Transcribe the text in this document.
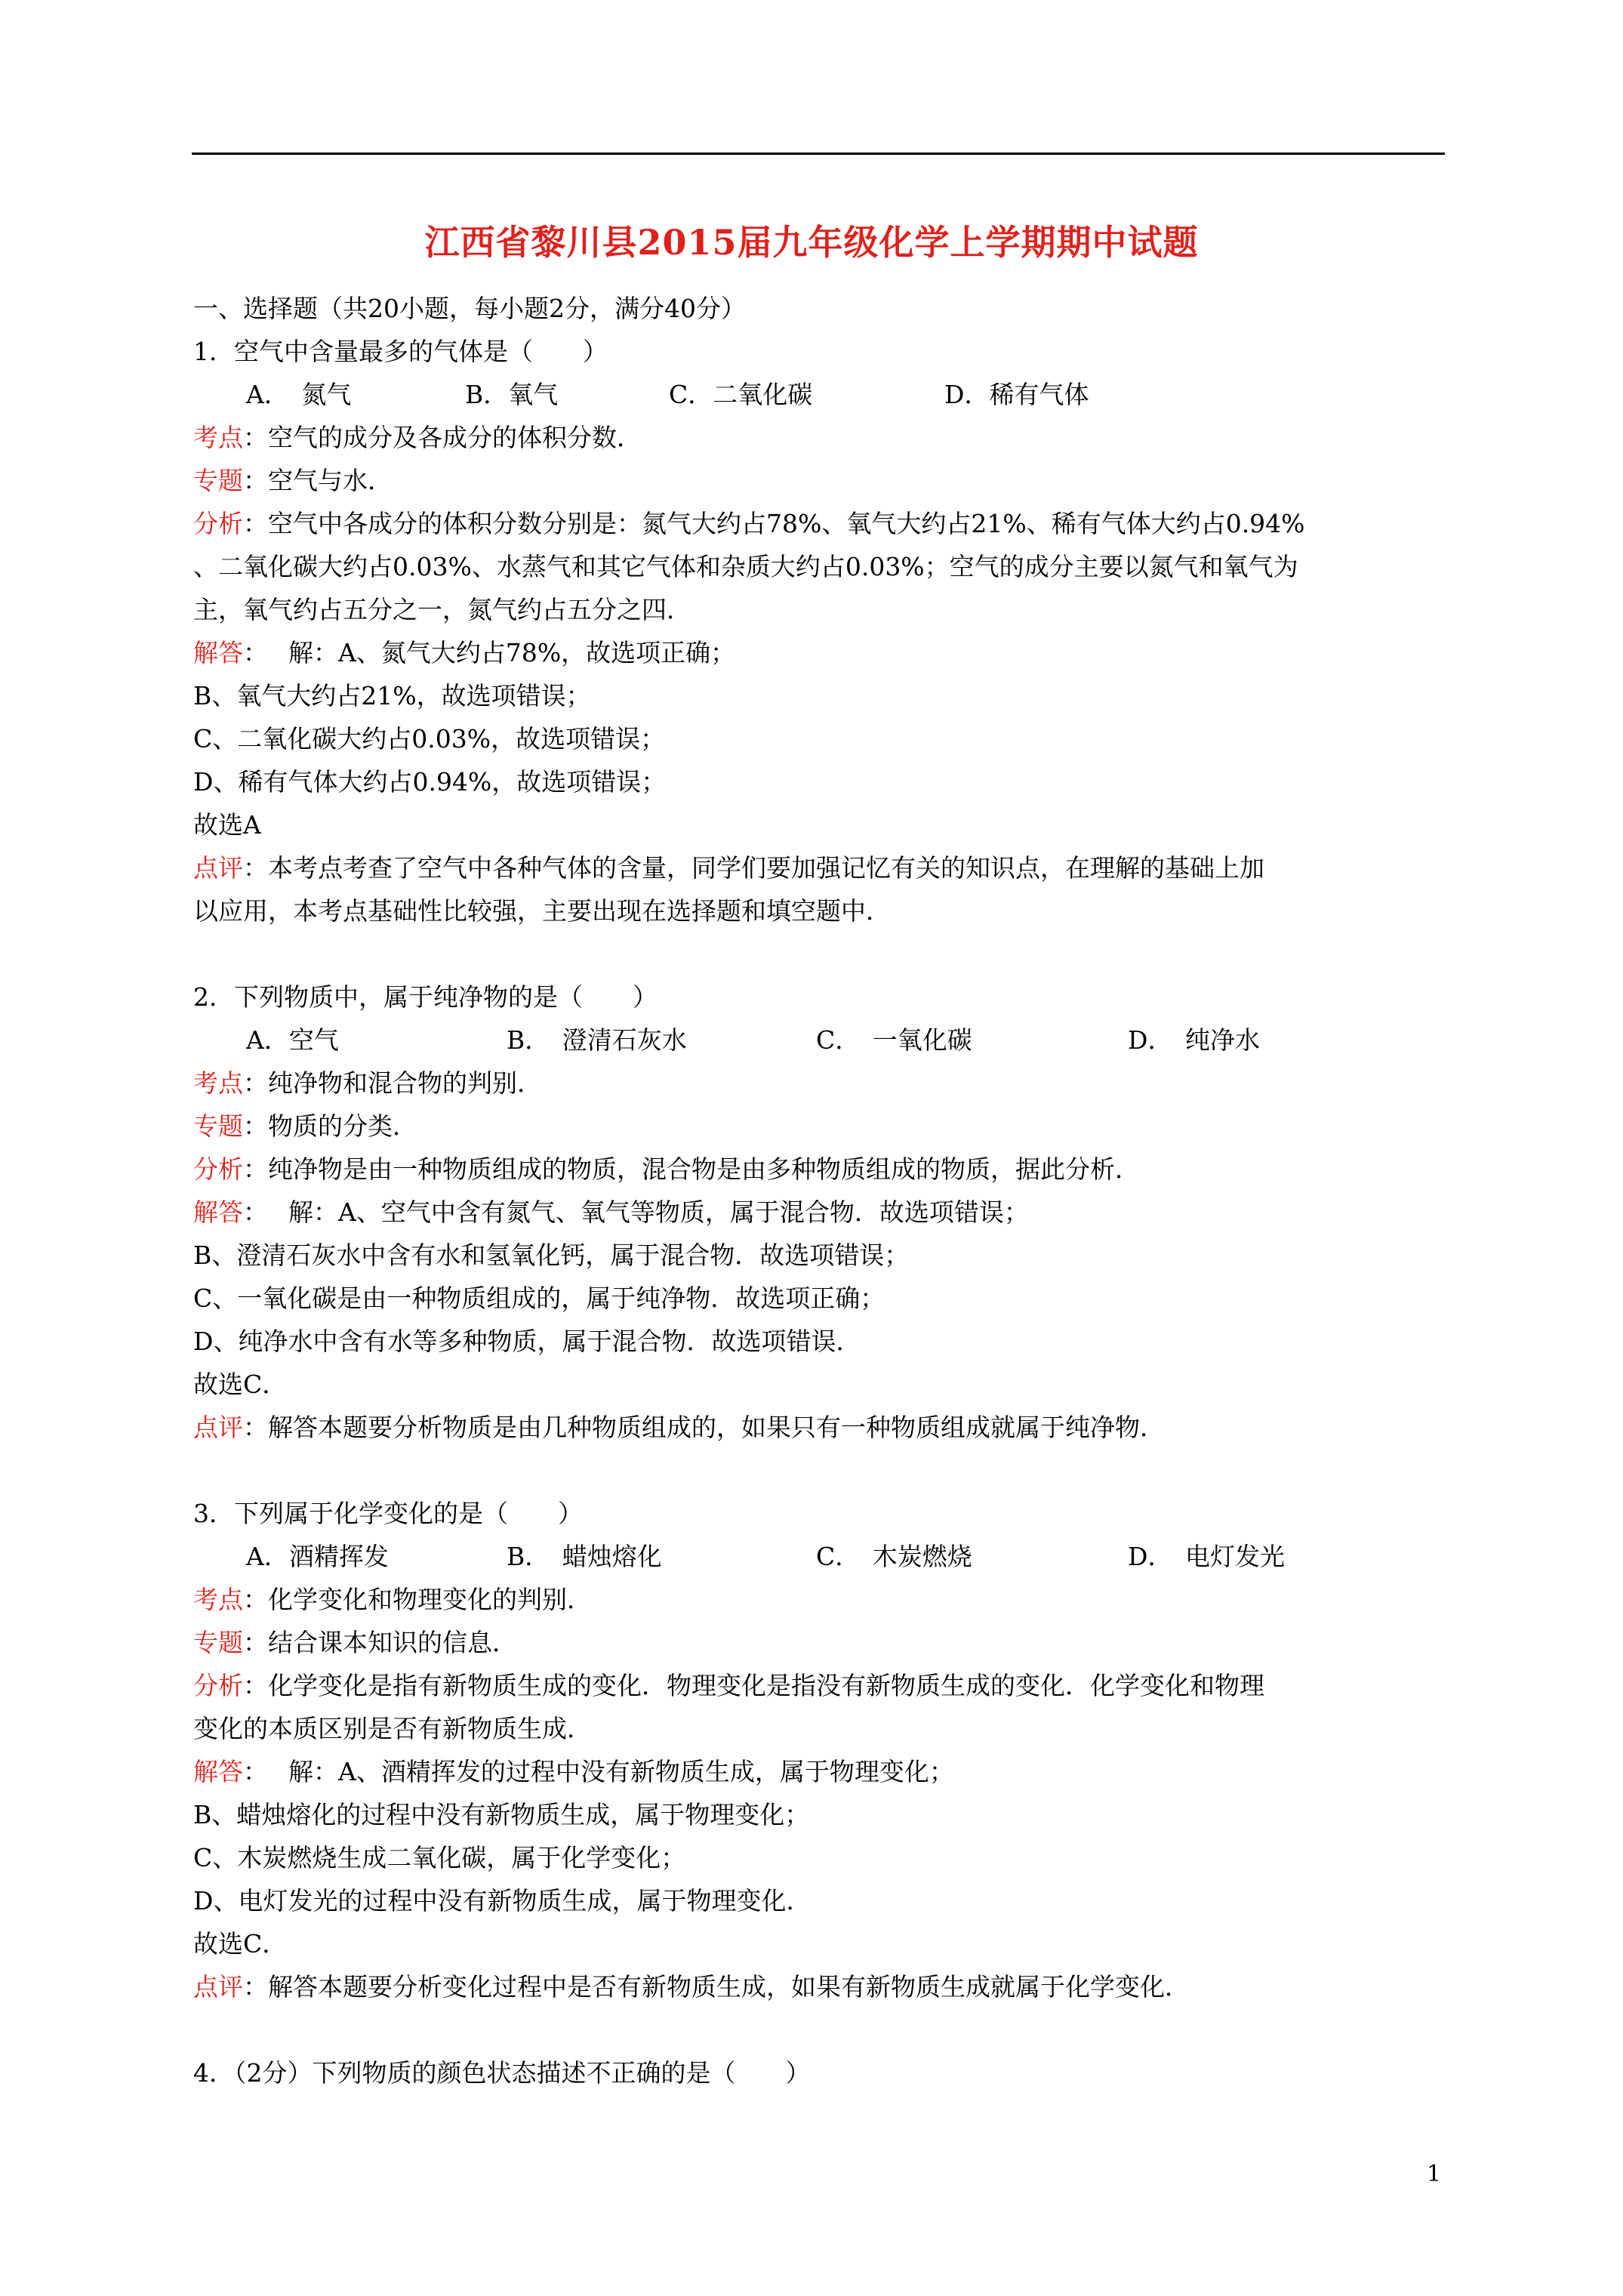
江西省黎川县2015届九年级化学上学期期中试题
一、选择题（共20小题，每小题2分，满分40分）
1．空气中含量最多的气体是（　　）
A．　氮气	B．氧气	C．二氧化碳	D．稀有气体
考点：空气的成分及各成分的体积分数．
专题：空气与水．
分析：空气中各成分的体积分数分别是：氮气大约占78%、氧气大约占21%、稀有气体大约占0.94%
、二氧化碳大约占0.03%、水蒸气和其它气体和杂质大约占0.03%；空气的成分主要以氮气和氧气为
主，氧气约占五分之一，氮气约占五分之四．
解答：　 解：A、氮气大约占78%，故选项正确；
B、氧气大约占21%，故选项错误；
C、二氧化碳大约占0.03%，故选项错误；
D、稀有气体大约占0.94%，故选项错误；
故选A
点评：本考点考查了空气中各种气体的含量，同学们要加强记忆有关的知识点，在理解的基础上加
以应用，本考点基础性比较强，主要出现在选择题和填空题中．
2．下列物质中，属于纯净物的是（　　）
A．空气	B．　澄清石灰水	C．　一氧化碳	D．　纯净水
考点：纯净物和混合物的判别．
专题：物质的分类．
分析：纯净物是由一种物质组成的物质，混合物是由多种物质组成的物质，据此分析．
解答：　 解：A、空气中含有氮气、氧气等物质，属于混合物．故选项错误；
B、澄清石灰水中含有水和氢氧化钙，属于混合物．故选项错误；
C、一氧化碳是由一种物质组成的，属于纯净物．故选项正确；
D、纯净水中含有水等多种物质，属于混合物．故选项错误．
故选C．
点评：解答本题要分析物质是由几种物质组成的，如果只有一种物质组成就属于纯净物．
3．下列属于化学变化的是（　　）
A．酒精挥发	B．　蜡烛熔化	C．　木炭燃烧	D．　电灯发光
考点：化学变化和物理变化的判别．
专题：结合课本知识的信息．
分析：化学变化是指有新物质生成的变化．物理变化是指没有新物质生成的变化．化学变化和物理
变化的本质区别是否有新物质生成．
解答：　 解：A、酒精挥发的过程中没有新物质生成，属于物理变化；
B、蜡烛熔化的过程中没有新物质生成，属于物理变化；
C、木炭燃烧生成二氧化碳，属于化学变化；
D、电灯发光的过程中没有新物质生成，属于物理变化．
故选C．
点评：解答本题要分析变化过程中是否有新物质生成，如果有新物质生成就属于化学变化．
4．（2分）下列物质的颜色状态描述不正确的是（　　）
1
